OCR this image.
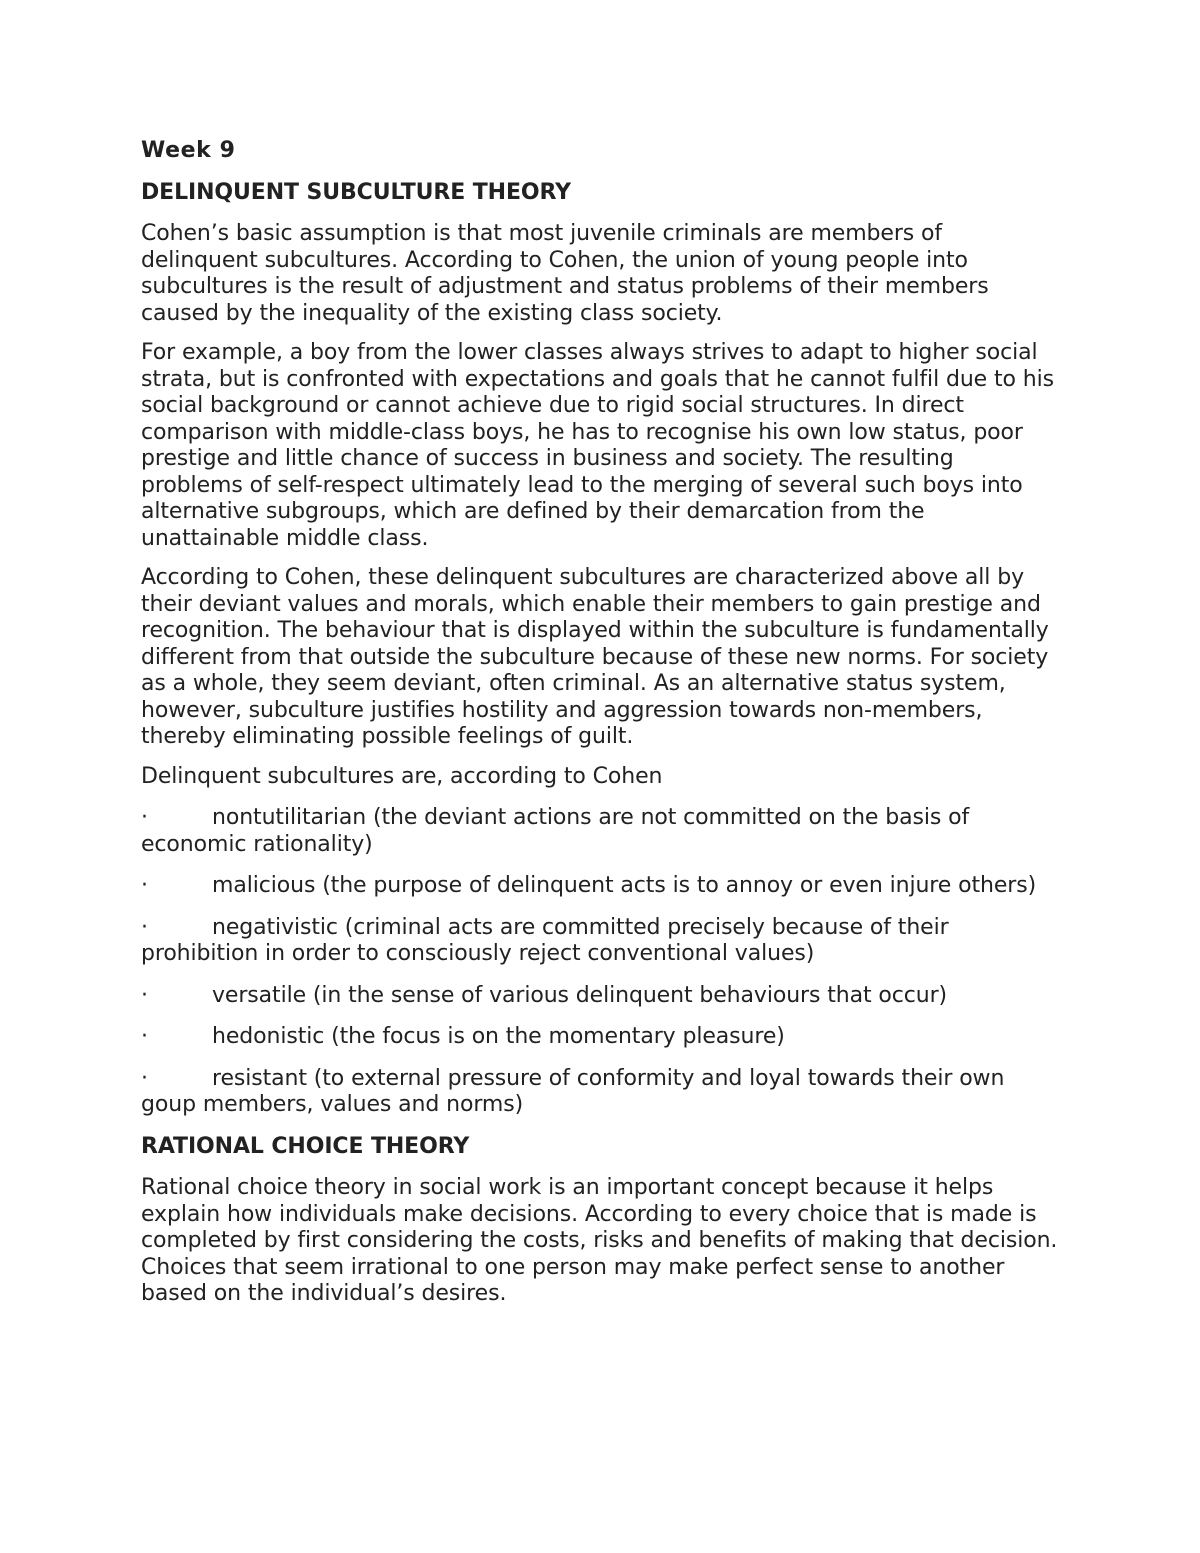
Week 9
DELINQUENT SUBCULTURE THEORY

Cohen’s basic assumption is that most juvenile criminals are members of delinquent subcultures. According to Cohen, the union of young people into subcultures is the result of adjustment and status problems of their members caused by the inequality of the existing class society.

For example, a boy from the lower classes always strives to adapt to higher social strata, but is confronted with expectations and goals that he cannot fulfil due to his social background or cannot achieve due to rigid social structures. In direct comparison with middle-class boys, he has to recognise his own low status, poor prestige and little chance of success in business and society. The resulting problems of self-respect ultimately lead to the merging of several such boys into alternative subgroups, which are defined by their demarcation from the unattainable middle class.

According to Cohen, these delinquent subcultures are characterized above all by their deviant values and morals, which enable their members to gain prestige and recognition. The behaviour that is displayed within the subculture is fundamentally different from that outside the subculture because of these new norms. For society as a whole, they seem deviant, often criminal. As an alternative status system, however, subculture justifies hostility and aggression towards non-members, thereby eliminating possible feelings of guilt.

Delinquent subcultures are, according to Cohen

·	nontutilitarian (the deviant actions are not committed on the basis of economic rationality)
·	malicious (the purpose of delinquent acts is to annoy or even injure others)
·	negativistic (criminal acts are committed precisely because of their prohibition in order to consciously reject conventional values)
·	versatile (in the sense of various delinquent behaviours that occur)
·	hedonistic (the focus is on the momentary pleasure)
·	resistant (to external pressure of conformity and loyal towards their own goup members, values and norms)
RATIONAL CHOICE THEORY

Rational choice theory in social work is an important concept because it helps explain how individuals make decisions. According to every choice that is made is completed by first considering the costs, risks and benefits of making that decision. Choices that seem irrational to one person may make perfect sense to another based on the individual’s desires.
